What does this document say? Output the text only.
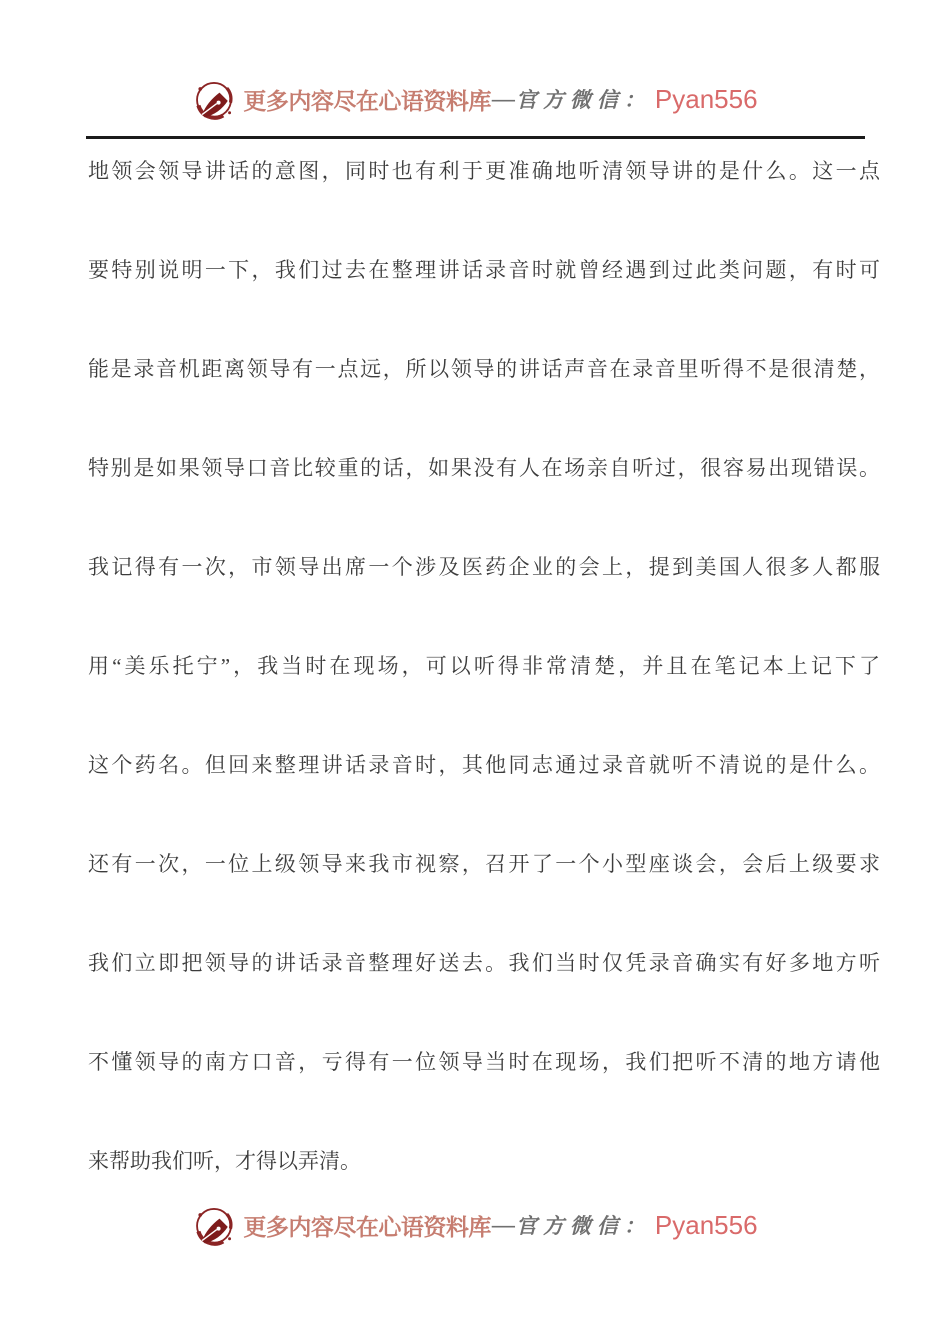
更多内容尽在心语资料库 — 官方微信： Pyan556

地领会领导讲话的意图，同时也有利于更准确地听清领导讲的是什么。这一点

要特别说明一下，我们过去在整理讲话录音时就曾经遇到过此类问题，有时可

能是录音机距离领导有一点远，所以领导的讲话声音在录音里听得不是很清楚，

特别是如果领导口音比较重的话，如果没有人在场亲自听过，很容易出现错误。

我记得有一次，市领导出席一个涉及医药企业的会上，提到美国人很多人都服

用“美乐托宁”，我当时在现场，可以听得非常清楚，并且在笔记本上记下了

这个药名。但回来整理讲话录音时，其他同志通过录音就听不清说的是什么。

还有一次，一位上级领导来我市视察，召开了一个小型座谈会，会后上级要求

我们立即把领导的讲话录音整理好送去。我们当时仅凭录音确实有好多地方听

不懂领导的南方口音，亏得有一位领导当时在现场，我们把听不清的地方请他

来帮助我们听，才得以弄清。

更多内容尽在心语资料库 — 官方微信： Pyan556
